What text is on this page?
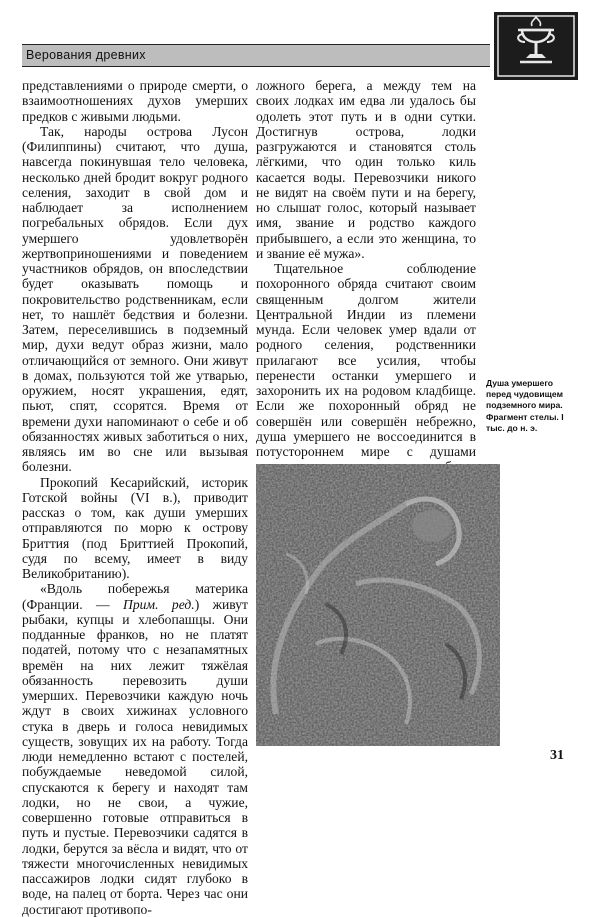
Верования древних

представлениями о природе смерти, о взаимоотношениях духов умерших предков с живыми людьми.

Так, народы острова Лусон (Филиппины) считают, что душа, навсегда покинувшая тело человека, несколько дней бродит вокруг родного селения, заходит в свой дом и наблюдает за исполнением погребальных обрядов. Если дух умершего удовлетворён жертвоприношениями и поведением участников обрядов, он впоследствии будет оказывать помощь и покровительство родственникам, если нет, то нашлёт бедствия и болезни. Затем, переселившись в подземный мир, духи ведут образ жизни, мало отличающийся от земного. Они живут в домах, пользуются той же утварью, оружием, носят украшения, едят, пьют, спят, ссорятся. Время от времени духи напоминают о себе и об обязанностях живых заботиться о них, являясь им во сне или вызывая болезни.

Прокопий Кесарийский, историк Готской войны (VI в.), приводит рассказ о том, как души умерших отправляются по морю к острову Бриттия (под Бриттией Прокопий, судя по всему, имеет в виду Великобританию).

«Вдоль побережья материка (Франции. — Прим. ред.) живут рыбаки, купцы и хлебопашцы. Они подданные франков, но не платят податей, потому что с незапамятных времён на них лежит тяжёлая обязанность перевозить души умерших. Перевозчики каждую ночь ждут в своих хижинах условного стука в дверь и голоса невидимых существ, зовущих их на работу. Тогда люди немедленно встают с постелей, побуждаемые неведомой силой, спускаются к берегу и находят там лодки, но не свои, а чужие, совершенно готовые отправиться в путь и пустые. Перевозчики садятся в лодки, берутся за вёсла и видят, что от тяжести многочисленных невидимых пассажиров лодки сидят глубоко в воде, на палец от борта. Через час они достигают противопо-

ложного берега, а между тем на своих лодках им едва ли удалось бы одолеть этот путь и в одни сутки. Достигнув острова, лодки разгружаются и становятся столь лёгкими, что один только киль касается воды. Перевозчики никого не видят на своём пути и на берегу, но слышат голос, который называет имя, звание и родство каждого прибывшего, а если это женщина, то и звание её мужа».

Тщательное соблюдение похоронного обряда считают своим священным долгом жители Центральной Индии из племени мунда. Если человек умер вдали от родного селения, родственники прилагают все усилия, чтобы перенести останки умершего и захоронить их на родовом кладбище. Если же похоронный обряд не совершён или совершён небрежно, душа умершего не воссоединится в потустороннем мире с душами

Душа умершего перед чудовищем подземного мира. Фрагмент стелы. I тыс. до н. э.
31
